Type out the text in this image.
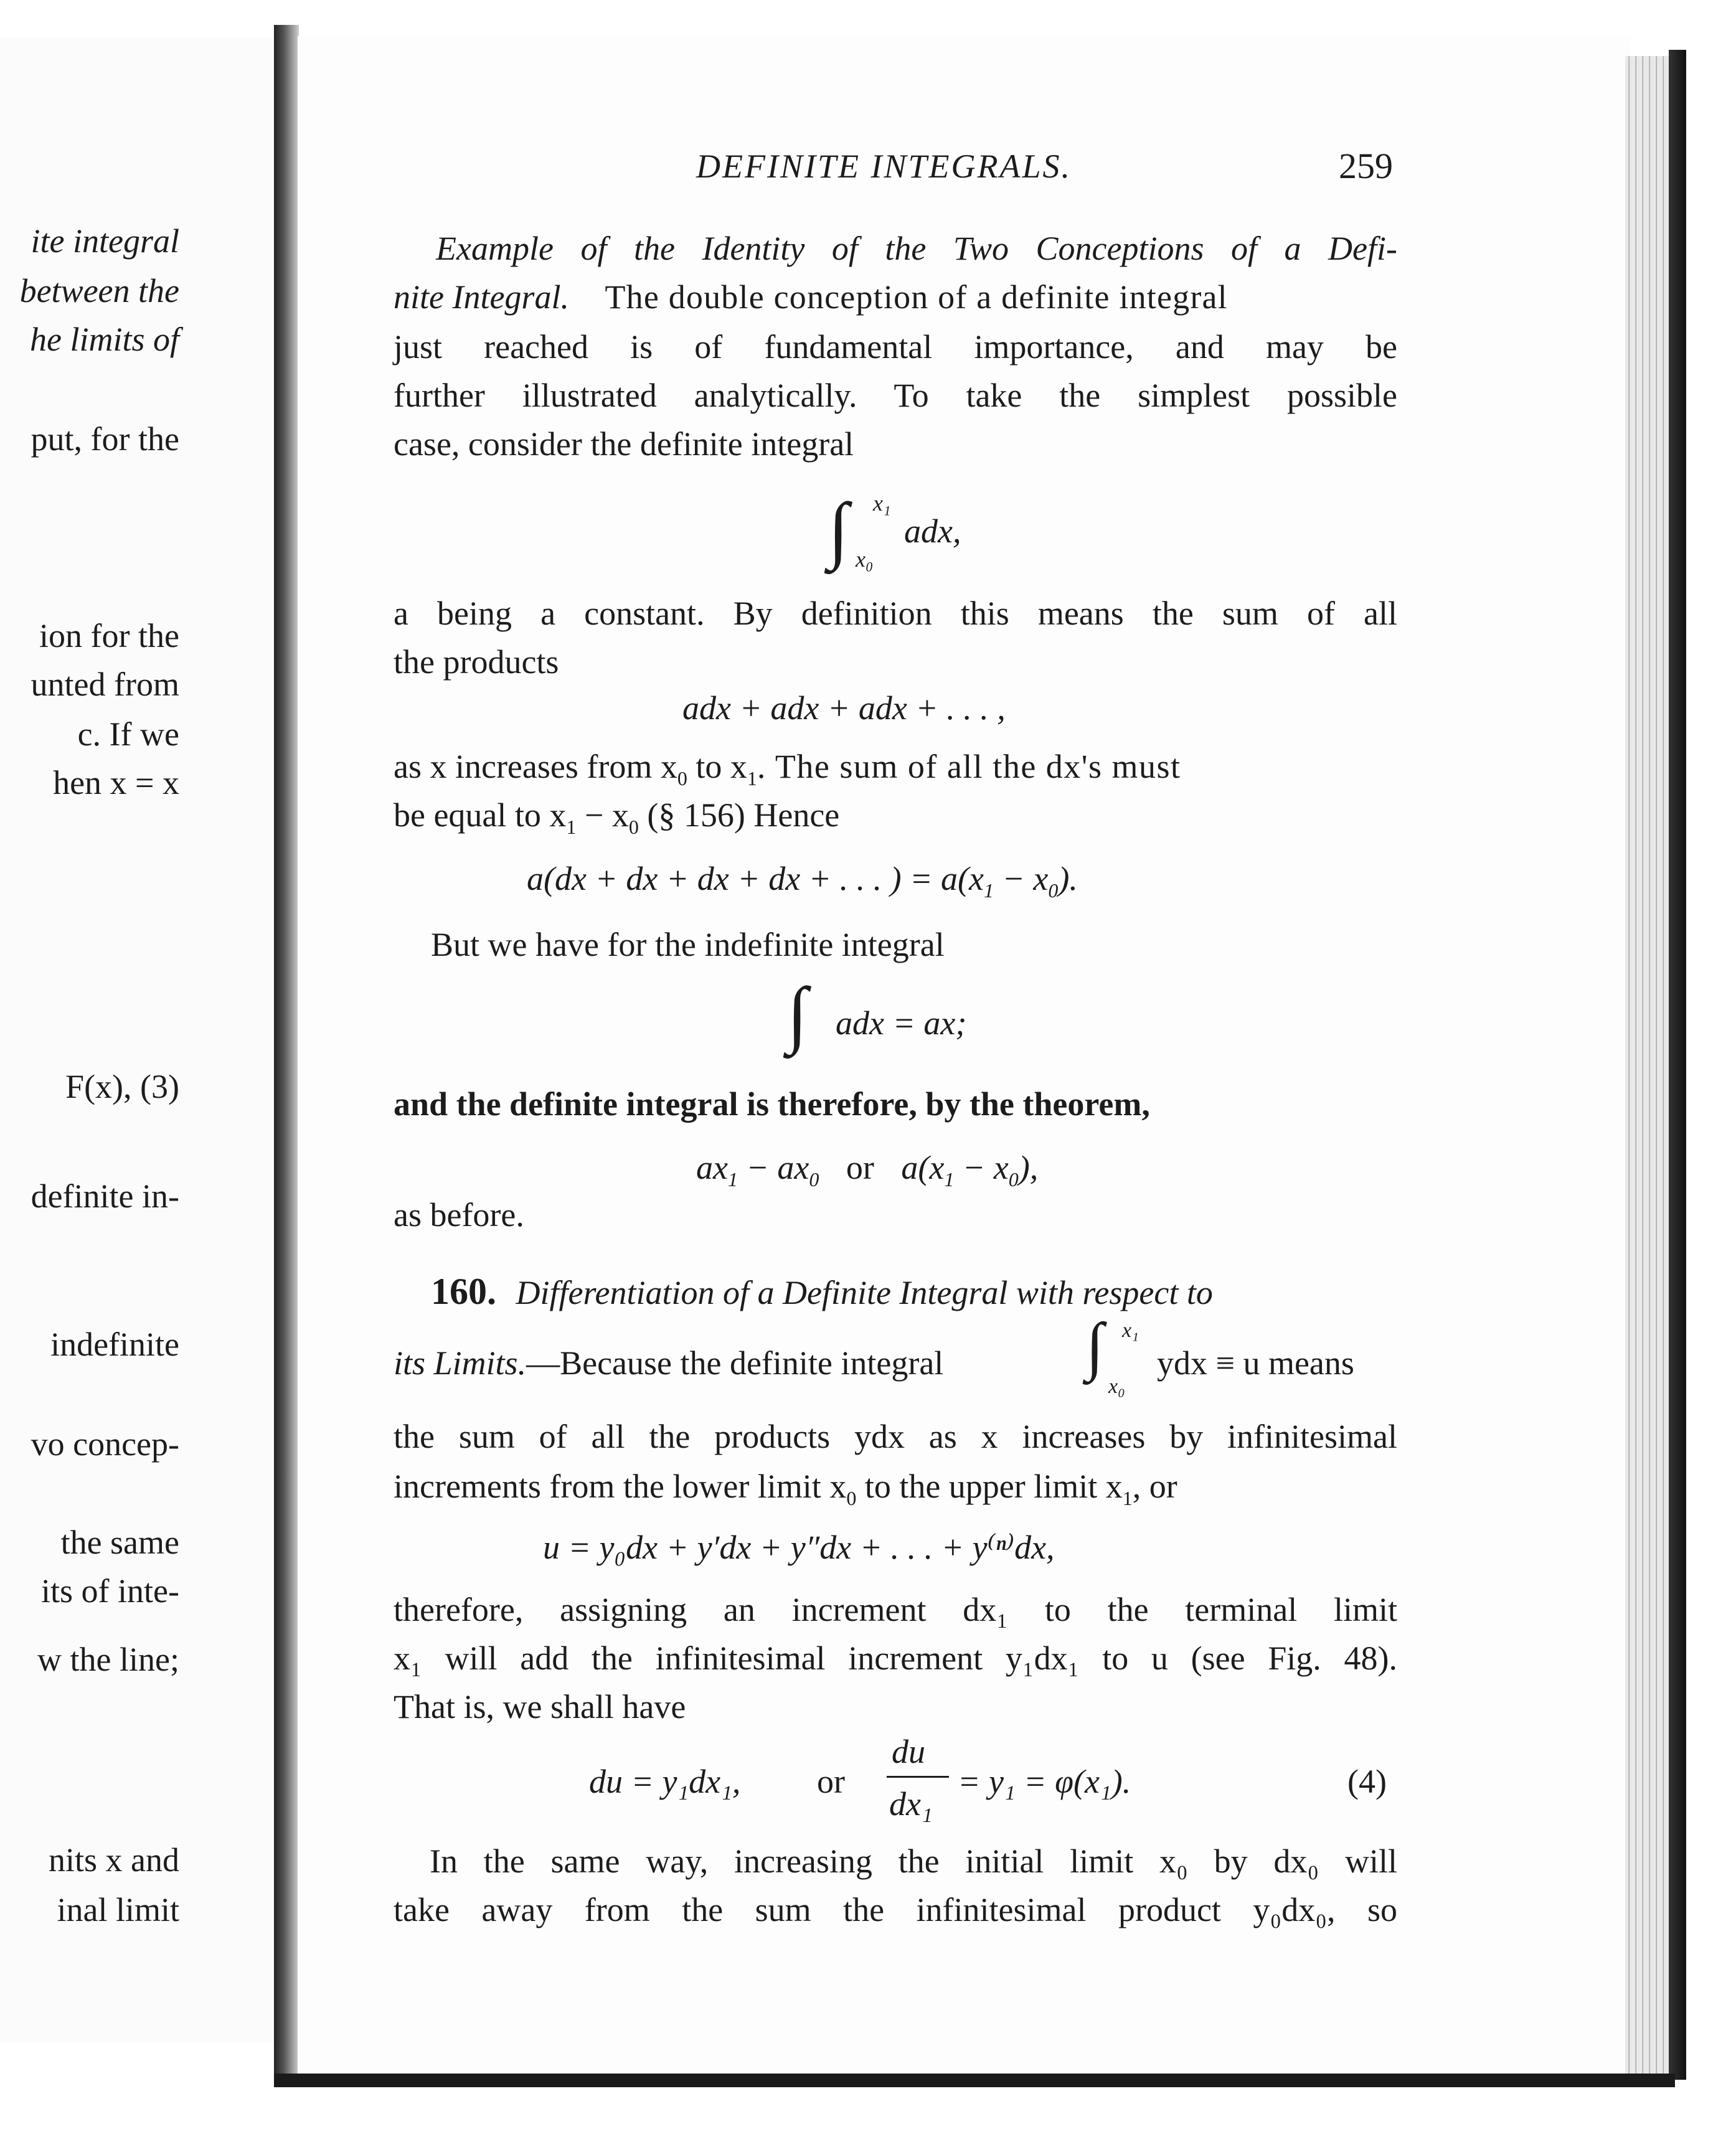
ite integral
between the
he limits of
put, for the
ion for the
unted from
c. If we
hen x = x
F(x), (3)
definite in-
indefinite
vo concep-
the same
its of inte-
w the line;
nits x and
inal limit
DEFINITE INTEGRALS.	259
Example of the Identity of the Two Conceptions of a Defi-
nite Integral. The double conception of a definite integral
just reached is of fundamental importance, and may be
further illustrated analytically. To take the simplest possible
case, consider the definite integral
∫ x₁
x₀
adx,
a being a constant. By definition this means the sum of all
the products
adx + adx + adx + . . . ,
as x increases from $x_0$ to $x_1$. The sum of all the dx's must
be equal to $x_1 - x_0$ (§ 156) Hence
a(dx + dx + dx + dx + . . . ) = $a(x_1 - x_0)$.
But we have for the indefinite integral
∫ adx = ax;
and the definite integral is therefore, by the theorem,
$ax_1 - ax_0$ or $a(x_1 - x_0)$,
as before.
160. Differentiation of a Definite Integral with respect to
its Limits.—Because the definite integral ∫ x₁
x₀
ydx ≡ u means
the sum of all the products ydx as x increases by infinitesimal
increments from the lower limit $x_0$ to the upper limit $x_1$, or
u = y₀dx + y′dx + y″dx + . . . + y⁽ⁿ⁾dx,
therefore, assigning an increment dx₁ to the terminal limit
x₁ will add the infinitesimal increment y₁dx₁ to u (see Fig. 48).
That is, we shall have
du = y₁dx₁, or
du
dx₁
= y₁ = φ(x₁).	(4)
In the same way, increasing the initial limit x₀ by dx₀ will
take away from the sum the infinitesimal product y₀dx₀, so
